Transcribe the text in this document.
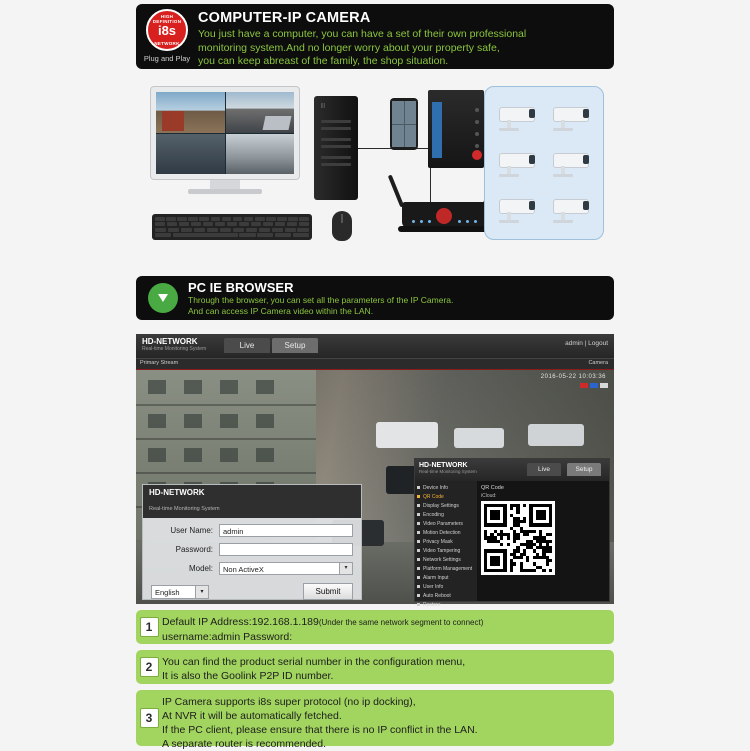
HIGH DEFINITION
i8s
NETWORK
Plug and Play
COMPUTER-IP CAMERA
You just have a computer, you can have a set of their own professional
monitoring system.And no longer worry about your property safe,
you can keep abreast of the family, the shop situation.
|||
PC IE BROWSER
Through the browser, you can set all the parameters of the IP Camera.
And can access IP Camera video within the LAN.
HD-NETWORK
Real-time Monitoring System	Live	Setup	admin | Logout
Primary Stream	Camera
2016-05-22 10:03:36
HD-NETWORK
Real-time Monitoring System
User Name:	admin
Password:
Model:	Non ActiveX	▾
English	▾	Submit
HD-NETWORK
Real-time Monitoring System	Live	Setup
Device Info
QR Code
Display Settings
Encoding
Video Parameters
Motion Detection
Privacy Mask
Video Tampering
Network Settings
Platform Management
Alarm Input
User Info
Auto Reboot
Restore
QR Code
iCloud:
1 Default IP Address:192.168.1.189(Under the same network segment to connect)
username:admin Password:
2 You can find the product serial number in the configuration menu,
It is also the Goolink P2P ID number.
3
IP Camera supports i8s super protocol (no ip docking),
At NVR it will be automatically fetched.
If the PC client, please ensure that there is no IP conflict in the LAN.
A separate router is recommended.
